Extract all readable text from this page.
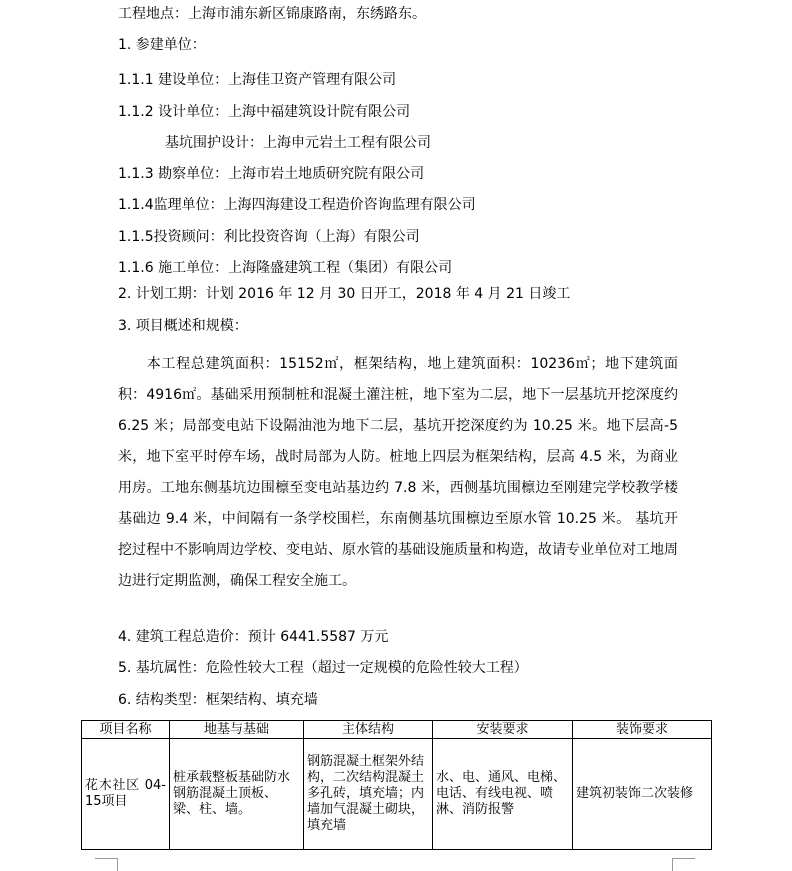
工程地点：上海市浦东新区锦康路南，东绣路东。
1. 参建单位：
1.1.1 建设单位：上海佳卫资产管理有限公司
1.1.2 设计单位：上海中福建筑设计院有限公司
基坑围护设计：上海申元岩土工程有限公司
1.1.3 勘察单位：上海市岩土地质研究院有限公司
1.1.4监理单位：上海四海建设工程造价咨询监理有限公司
1.1.5投资顾问：利比投资咨询（上海）有限公司
1.1.6 施工单位：上海隆盛建筑工程（集团）有限公司
2. 计划工期：计划 2016 年 12 月 30 日开工，2018 年 4 月 21 日竣工
3. 项目概述和规模：
本工程总建筑面积：15152㎡，框架结构，地上建筑面积：10236㎡；地下建筑面积：4916㎡。基础采用预制桩和混凝土灌注桩，地下室为二层，地下一层基坑开挖深度约 6.25 米；局部变电站下设隔油池为地下二层，基坑开挖深度约为 10.25 米。地下层高-5 米，地下室平时停车场，战时局部为人防。桩地上四层为框架结构，层高 4.5 米，为商业用房。工地东侧基坑边围檩至变电站基边约 7.8 米，西侧基坑围檩边至刚建完学校教学楼基础边 9.4 米，中间隔有一条学校围栏，东南侧基坑围檩边至原水管 10.25 米。 基坑开挖过程中不影响周边学校、变电站、原水管的基础设施质量和构造，故请专业单位对工地周边进行定期监测，确保工程安全施工。
4. 建筑工程总造价：预计 6441.5587 万元
5. 基坑属性：危险性较大工程（超过一定规模的危险性较大工程）
6. 结构类型：框架结构、填充墙
项目名称	地基与基础	主体结构	安装要求	装饰要求
花木社区 04-15项目	桩承载整板基础防水钢筋混凝土顶板、梁、柱、墙。	钢筋混凝土框架外结构，二次结构混凝土多孔砖，填充墙；内墙加气混凝土砌块，填充墙	水、电、通风、电梯、电话、有线电视、喷淋、消防报警	建筑初装饰二次装修
